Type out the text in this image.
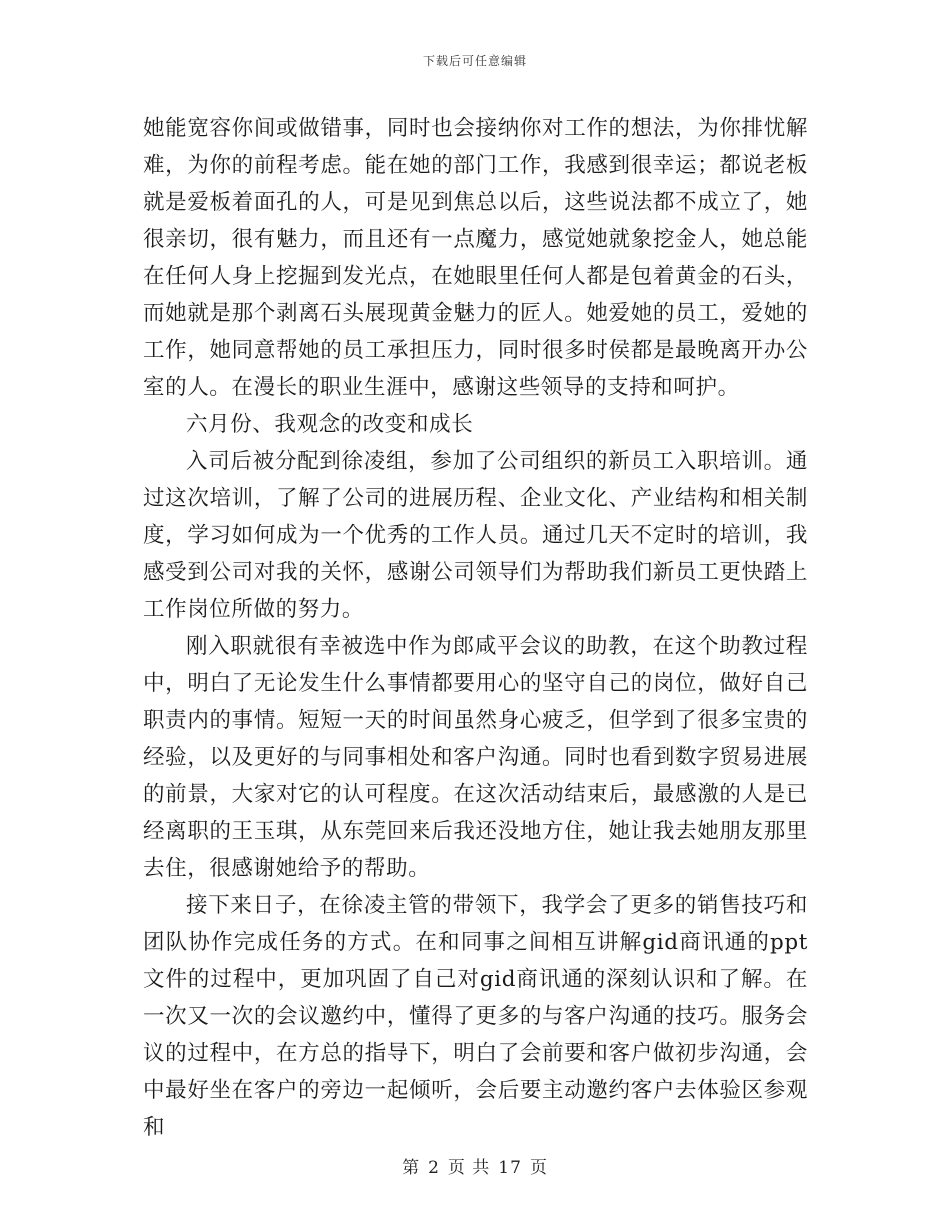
下载后可任意编辑

她能宽容你间或做错事，同时也会接纳你对工作的想法，为你排忧解难，为你的前程考虑。能在她的部门工作，我感到很幸运；都说老板就是爱板着面孔的人，可是见到焦总以后，这些说法都不成立了，她很亲切，很有魅力，而且还有一点魔力，感觉她就象挖金人，她总能在任何人身上挖掘到发光点，在她眼里任何人都是包着黄金的石头，而她就是那个剥离石头展现黄金魅力的匠人。她爱她的员工，爱她的工作，她同意帮她的员工承担压力，同时很多时侯都是最晚离开办公室的人。在漫长的职业生涯中，感谢这些领导的支持和呵护。

六月份、我观念的改变和成长

入司后被分配到徐凌组，参加了公司组织的新员工入职培训。通过这次培训，了解了公司的进展历程、企业文化、产业结构和相关制度，学习如何成为一个优秀的工作人员。通过几天不定时的培训，我感受到公司对我的关怀，感谢公司领导们为帮助我们新员工更快踏上工作岗位所做的努力。

刚入职就很有幸被选中作为郎咸平会议的助教，在这个助教过程中，明白了无论发生什么事情都要用心的坚守自己的岗位，做好自己职责内的事情。短短一天的时间虽然身心疲乏，但学到了很多宝贵的经验，以及更好的与同事相处和客户沟通。同时也看到数字贸易进展的前景，大家对它的认可程度。在这次活动结束后，最感激的人是已经离职的王玉琪，从东莞回来后我还没地方住，她让我去她朋友那里去住，很感谢她给予的帮助。

接下来日子，在徐凌主管的带领下，我学会了更多的销售技巧和团队协作完成任务的方式。在和同事之间相互讲解gid商讯通的ppt文件的过程中，更加巩固了自己对gid商讯通的深刻认识和了解。在一次又一次的会议邀约中，懂得了更多的与客户沟通的技巧。服务会议的过程中，在方总的指导下，明白了会前要和客户做初步沟通，会中最好坐在客户的旁边一起倾听，会后要主动邀约客户去体验区参观和

第 2 页 共 17 页
